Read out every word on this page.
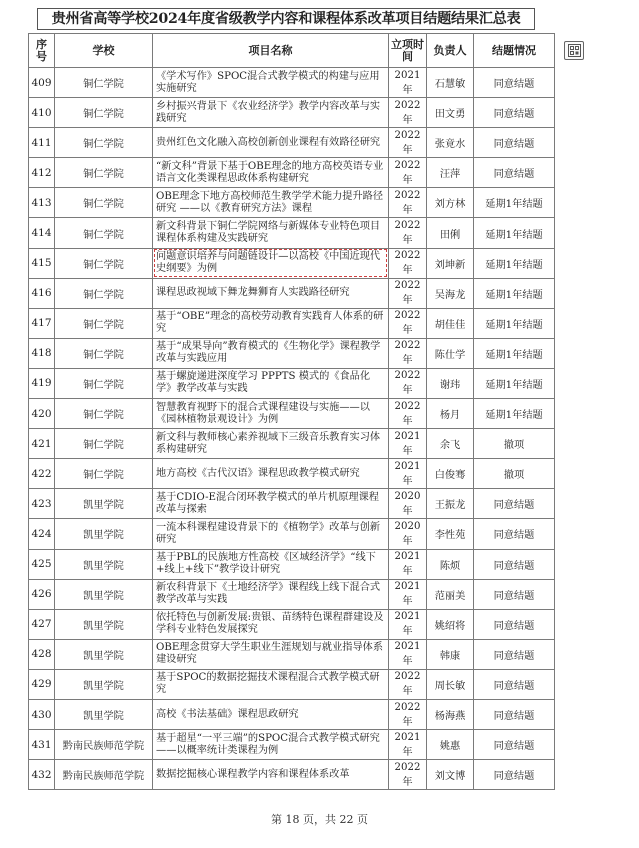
贵州省高等学校2024年度省级教学内容和课程体系改革项目结题结果汇总表
序号	学校	项目名称	立项时间	负责人	结题情况
409	铜仁学院	《学术写作》SPOC混合式教学模式的构建与应用实施研究	2021年	石慧敏	同意结题
410	铜仁学院	乡村振兴背景下《农业经济学》教学内容改革与实践研究	2022年	田文勇	同意结题
411	铜仁学院	贵州红色文化融入高校创新创业课程有效路径研究	2022年	张竟水	同意结题
412	铜仁学院	“新文科”背景下基于OBE理念的地方高校英语专业语言文化类课程思政体系构建研究	2022年	汪萍	同意结题
413	铜仁学院	OBE理念下地方高校师范生教学学术能力提升路径研究 ——以《教育研究方法》课程	2022年	刘方林	延期1年结题
414	铜仁学院	新文科背景下铜仁学院网络与新媒体专业特色项目课程体系构建及实践研究	2022年	田俐	延期1年结题
415	铜仁学院	问题意识培养与问题链设计—以高校《中国近现代史纲要》为例	2022年	刘坤新	延期1年结题
416	铜仁学院	课程思政视域下舞龙舞狮育人实践路径研究	2022年	吴海龙	延期1年结题
417	铜仁学院	基于“OBE”理念的高校劳动教育实践育人体系的研究	2022年	胡佳佳	延期1年结题
418	铜仁学院	基于“成果导向”教育模式的《生物化学》课程教学改革与实践应用	2022年	陈仕学	延期1年结题
419	铜仁学院	基于螺旋递进深度学习 PPPTS 模式的《食品化学》教学改革与实践	2022年	谢玮	延期1年结题
420	铜仁学院	智慧教育视野下的混合式课程建设与实施——以《园林植物景观设计》为例	2022年	杨月	延期1年结题
421	铜仁学院	新文科与教师核心素养视域下三级音乐教育实习体系构建研究	2021年	余飞	撤项
422	铜仁学院	地方高校《古代汉语》课程思政教学模式研究	2021年	白俊骞	撤项
423	凯里学院	基于CDIO-E混合闭环教学模式的单片机原理课程改革与探索	2020年	王振龙	同意结题
424	凯里学院	一流本科课程建设背景下的《植物学》改革与创新研究	2020年	李性苑	同意结题
425	凯里学院	基于PBL的民族地方性高校《区域经济学》“线下+线上+线下”教学设计研究	2021年	陈烦	同意结题
426	凯里学院	新农科背景下《土地经济学》课程线上线下混合式教学改革与实践	2021年	范丽美	同意结题
427	凯里学院	依托特色与创新发展:贵银、苗绣特色课程群建设及学科专业特色发展探究	2021年	姚绍将	同意结题
428	凯里学院	OBE理念贯穿大学生职业生涯规划与就业指导体系建设研究	2021年	韩康	同意结题
429	凯里学院	基于SPOC的数据挖掘技术课程混合式教学模式研究	2022年	周长敏	同意结题
430	凯里学院	高校《书法基础》课程思政研究	2022年	杨海燕	同意结题
431	黔南民族师范学院	基于超星“一平三端”的SPOC混合式教学模式研究——以概率统计类课程为例	2021年	姚惠	同意结题
432	黔南民族师范学院	数据挖掘核心课程教学内容和课程体系改革	2022年	刘文博	同意结题
第 18 页，共 22 页
